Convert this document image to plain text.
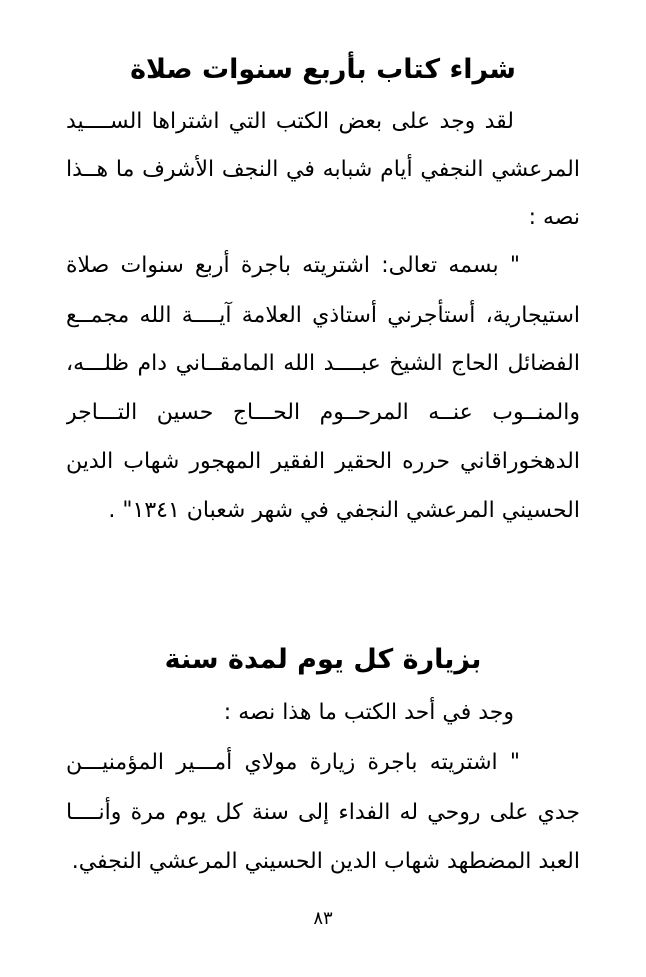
شراء كتاب بأربع سنوات صلاة
لقد وجد على بعض الكتب التي اشتراها الســــيد
المرعشي النجفي أيام شبابه في النجف الأشرف ما هــذا
نصه :
" بسمه تعالى: اشتريته باجرة أربع سنوات صلاة
استيجارية، أستأجرني أستاذي العلامة آيــــة الله مجمــع
الفضائل الحاج الشيخ عبــــد الله المامقــاني دام ظلـــه،
والمنــوب عنــه المرحــوم الحـــاج حسين التـــاجر
الدهخوراقاني حرره الحقير الفقير المهجور شهاب الدين
الحسيني المرعشي النجفي في شهر شعبان ١٣٤١" .
بزيارة كل يوم لمدة سنة
وجد في أحد الكتب ما هذا نصه :
" اشتريته باجرة زيارة مولاي أمـــير المؤمنيـــن
جدي على روحي له الفداء إلى سنة كل يوم مرة وأنــــا
العبد المضطهد شهاب الدين الحسيني المرعشي النجفي.
٨٣
